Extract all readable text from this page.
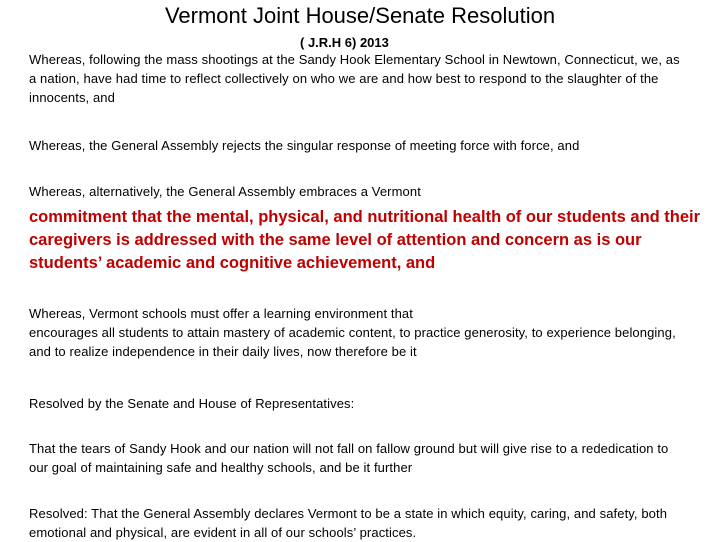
Vermont Joint House/Senate Resolution
( J.R.H 6) 2013
Whereas, following the mass shootings at the Sandy Hook Elementary School in Newtown, Connecticut, we, as a nation, have had time to reflect collectively on who we are and how best to respond to the slaughter of the innocents, and
Whereas, the General Assembly rejects the singular response of meeting force with force, and
Whereas, alternatively, the General Assembly embraces a Vermont
commitment that the mental, physical, and nutritional health of our students and their caregivers is addressed with the same level of attention and concern as is our students’ academic and cognitive achievement, and
Whereas, Vermont schools must offer a learning environment that
encourages all students to attain mastery of academic content, to practice generosity, to experience belonging, and to realize independence in their daily lives, now therefore be it
Resolved by the Senate and House of Representatives:
That the tears of Sandy Hook and our nation will not fall on fallow ground but will give rise to a rededication to our goal of maintaining safe and healthy schools, and be it further
Resolved: That the General Assembly declares Vermont to be a state in which equity, caring, and safety, both emotional and physical, are evident in all of our schools’ practices.
